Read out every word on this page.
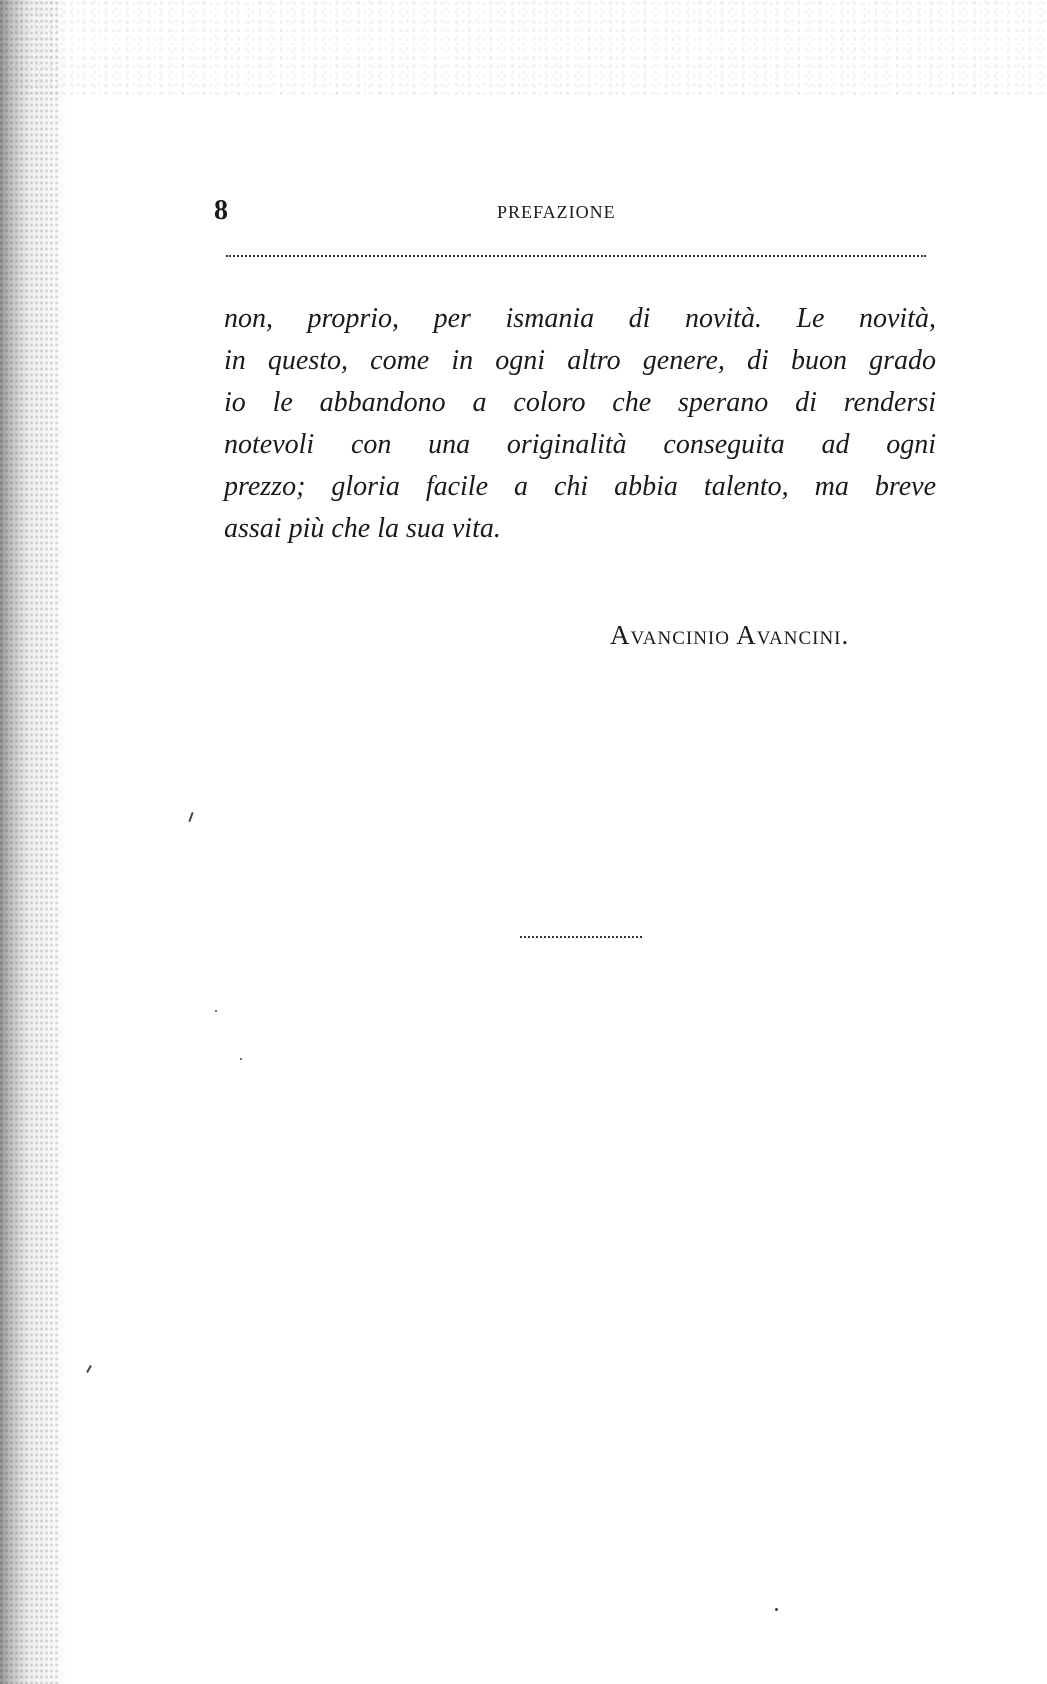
8	PREFAZIONE
non, proprio, per ismania di novità. Le novità,
in questo, come in ogni altro genere, di buon grado
io le abbandono a coloro che sperano di rendersi
notevoli con una originalità conseguita ad ogni
prezzo; gloria facile a chi abbia talento, ma breve
assai più che la sua vita.
Avancinio Avancini.
